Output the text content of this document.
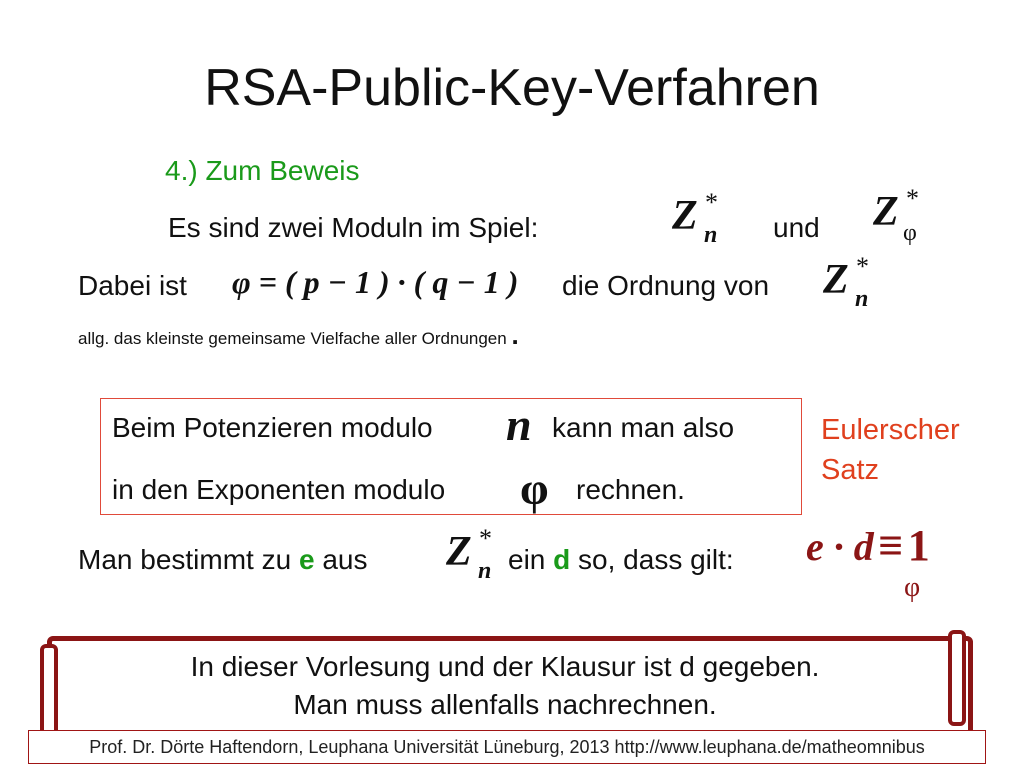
RSA-Public-Key-Verfahren
4.) Zum Beweis
Es sind zwei Moduln im Spiel:	Z *
n und Z *
φ
Dabei ist φ = ( p − 1 ) · ( q − 1 ) die Ordnung von Z *
n
allg. das kleinste gemeinsame Vielfache aller Ordnungen .
Beim Potenzieren modulo n kann man also
in den Exponenten modulo φ rechnen.
Eulerscher
Satz
Man bestimmt zu e aus Z *
n ein d so, dass gilt: e · d ≡ 1
φ
In dieser Vorlesung und der Klausur ist d gegeben.
Man muss allenfalls nachrechnen.
Prof. Dr. Dörte Haftendorn, Leuphana Universität Lüneburg, 2013 http://www.leuphana.de/matheomnibus
